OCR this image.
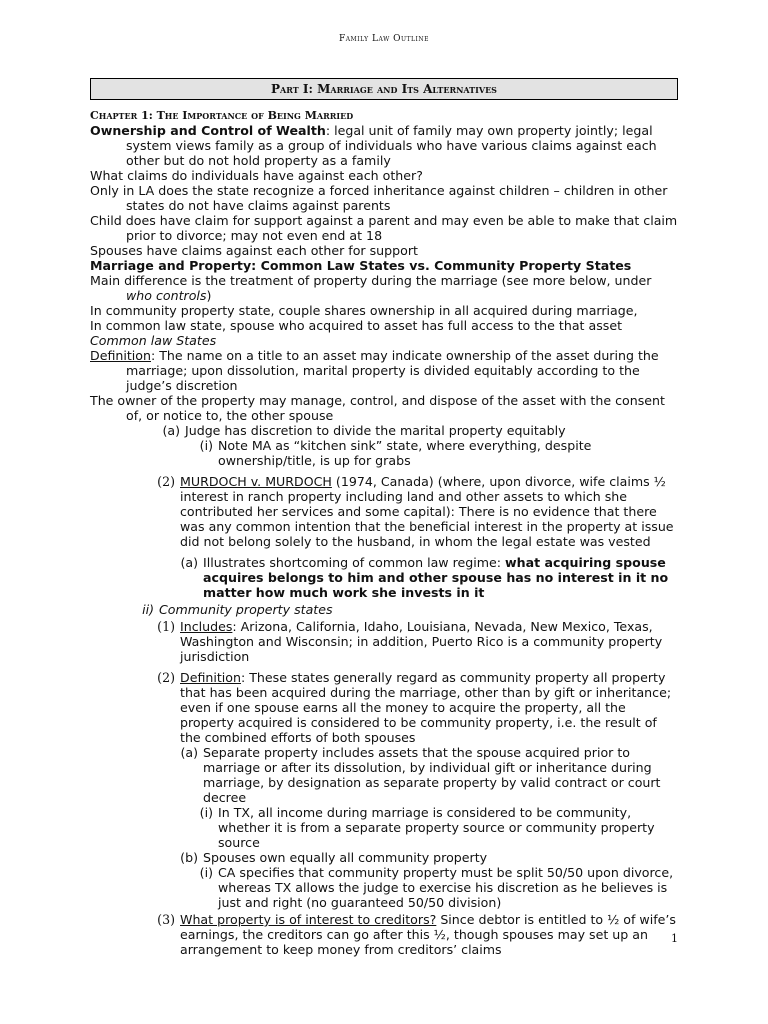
Family Law Outline
Part I: Marriage and Its Alternatives
Chapter 1: The Importance of Being Married
Ownership and Control of Wealth: legal unit of family may own property jointly; legal system views family as a group of individuals who have various claims against each other but do not hold property as a family
What claims do individuals have against each other?
Only in LA does the state recognize a forced inheritance against children – children in other states do not have claims against parents
Child does have claim for support against a parent and may even be able to make that claim prior to divorce; may not even end at 18
Spouses have claims against each other for support
Marriage and Property: Common Law States vs. Community Property States
Main difference is the treatment of property during the marriage (see more below, under who controls)
In community property state, couple shares ownership in all acquired during marriage,
In common law state, spouse who acquired to asset has full access to the that asset
Common law States
Definition: The name on a title to an asset may indicate ownership of the asset during the marriage; upon dissolution, marital property is divided equitably according to the judge’s discretion
The owner of the property may manage, control, and dispose of the asset with the consent of, or notice to, the other spouse
(a) Judge has discretion to divide the marital property equitably
(i) Note MA as “kitchen sink” state, where everything, despite ownership/title, is up for grabs
(2) MURDOCH v. MURDOCH (1974, Canada) (where, upon divorce, wife claims ½ interest in ranch property including land and other assets to which she contributed her services and some capital): There is no evidence that there was any common intention that the beneficial interest in the property at issue did not belong solely to the husband, in whom the legal estate was vested
(a) Illustrates shortcoming of common law regime: what acquiring spouse acquires belongs to him and other spouse has no interest in it no matter how much work she invests in it
ii) Community property states
(1) Includes: Arizona, California, Idaho, Louisiana, Nevada, New Mexico, Texas, Washington and Wisconsin; in addition, Puerto Rico is a community property jurisdiction
(2) Definition: These states generally regard as community property all property that has been acquired during the marriage, other than by gift or inheritance; even if one spouse earns all the money to acquire the property, all the property acquired is considered to be community property, i.e. the result of the combined efforts of both spouses
(a) Separate property includes assets that the spouse acquired prior to marriage or after its dissolution, by individual gift or inheritance during marriage, by designation as separate property by valid contract or court decree
(i) In TX, all income during marriage is considered to be community, whether it is from a separate property source or community property source
(b) Spouses own equally all community property
(i) CA specifies that community property must be split 50/50 upon divorce, whereas TX allows the judge to exercise his discretion as he believes is just and right (no guaranteed 50/50 division)
(3) What property is of interest to creditors? Since debtor is entitled to ½ of wife’s earnings, the creditors can go after this ½, though spouses may set up an arrangement to keep money from creditors’ claims
1
